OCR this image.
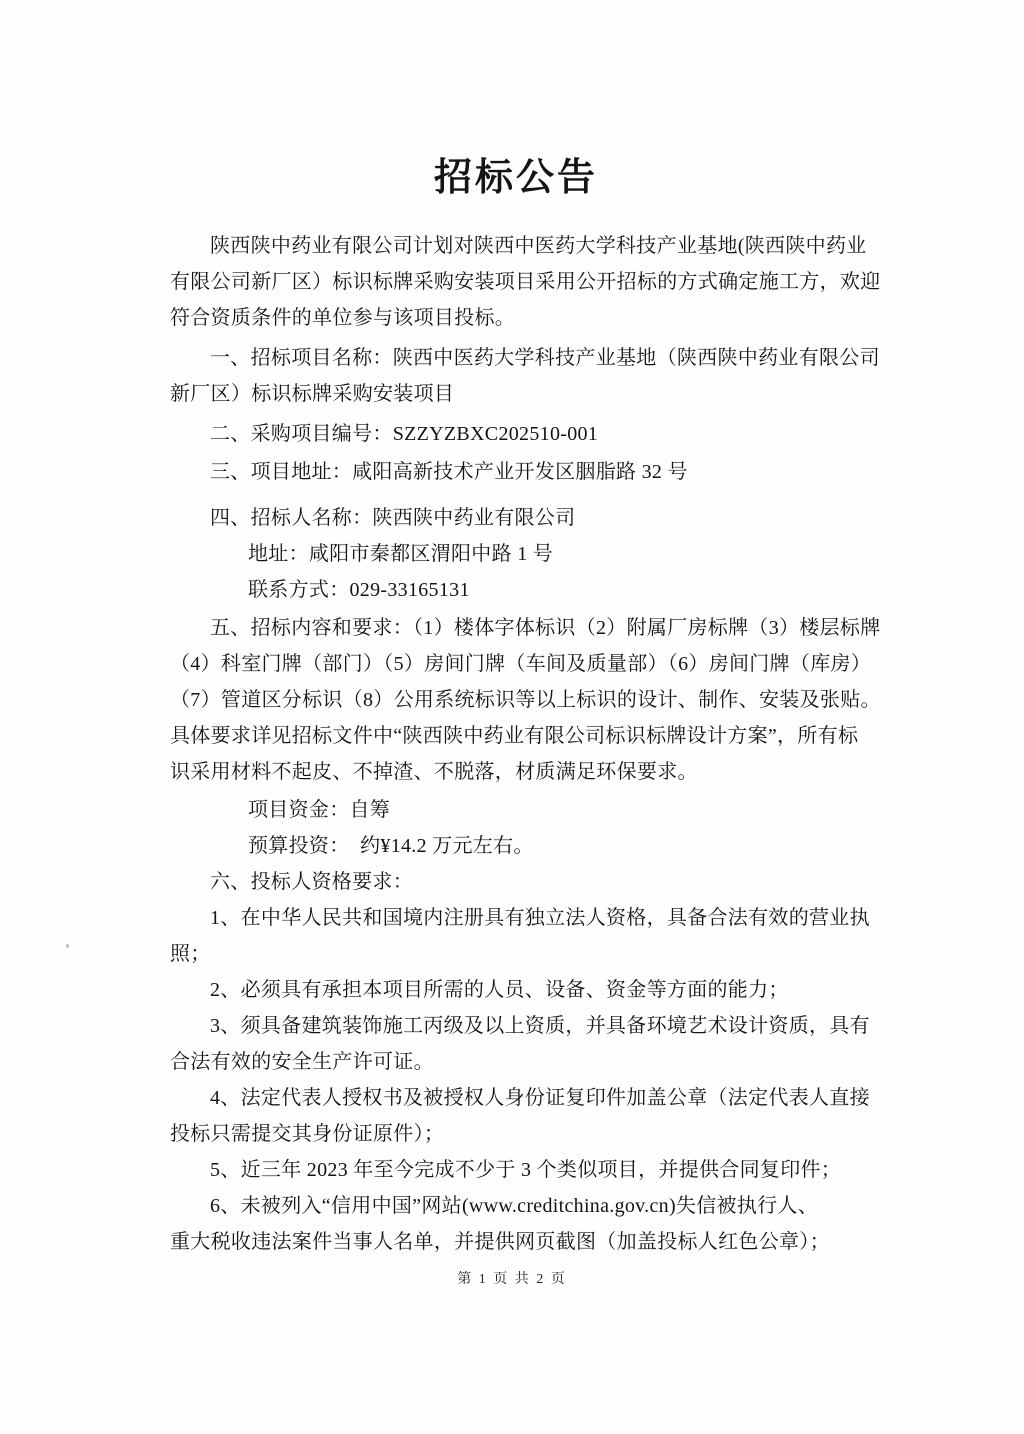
招标公告
陕西陕中药业有限公司计划对陕西中医药大学科技产业基地(陕西陕中药业
有限公司新厂区）标识标牌采购安装项目采用公开招标的方式确定施工方，欢迎
符合资质条件的单位参与该项目投标。
一、招标项目名称：陕西中医药大学科技产业基地（陕西陕中药业有限公司
新厂区）标识标牌采购安装项目
二、采购项目编号：SZZYZBXC202510-001
三、项目地址：咸阳高新技术产业开发区胭脂路 32 号
四、招标人名称：陕西陕中药业有限公司
地址：咸阳市秦都区渭阳中路 1 号
联系方式：029-33165131
五、招标内容和要求：（1）楼体字体标识（2）附属厂房标牌（3）楼层标牌
（4）科室门牌（部门）（5）房间门牌（车间及质量部）（6）房间门牌（库房）
（7）管道区分标识（8）公用系统标识等以上标识的设计、制作、安装及张贴。
具体要求详见招标文件中“陕西陕中药业有限公司标识标牌设计方案”，所有标
识采用材料不起皮、不掉渣、不脱落，材质满足环保要求。
项目资金：自筹
预算投资：  约¥14.2 万元左右。
六、投标人资格要求：
1、在中华人民共和国境内注册具有独立法人资格，具备合法有效的营业执
照；
2、必须具有承担本项目所需的人员、设备、资金等方面的能力；
3、须具备建筑装饰施工丙级及以上资质，并具备环境艺术设计资质，具有
合法有效的安全生产许可证。
4、法定代表人授权书及被授权人身份证复印件加盖公章（法定代表人直接
投标只需提交其身份证原件）；
5、近三年 2023 年至今完成不少于 3 个类似项目，并提供合同复印件；
6、未被列入“信用中国”网站(www.creditchina.gov.cn)失信被执行人、
重大税收违法案件当事人名单，并提供网页截图（加盖投标人红色公章）；
第 1 页 共 2 页
